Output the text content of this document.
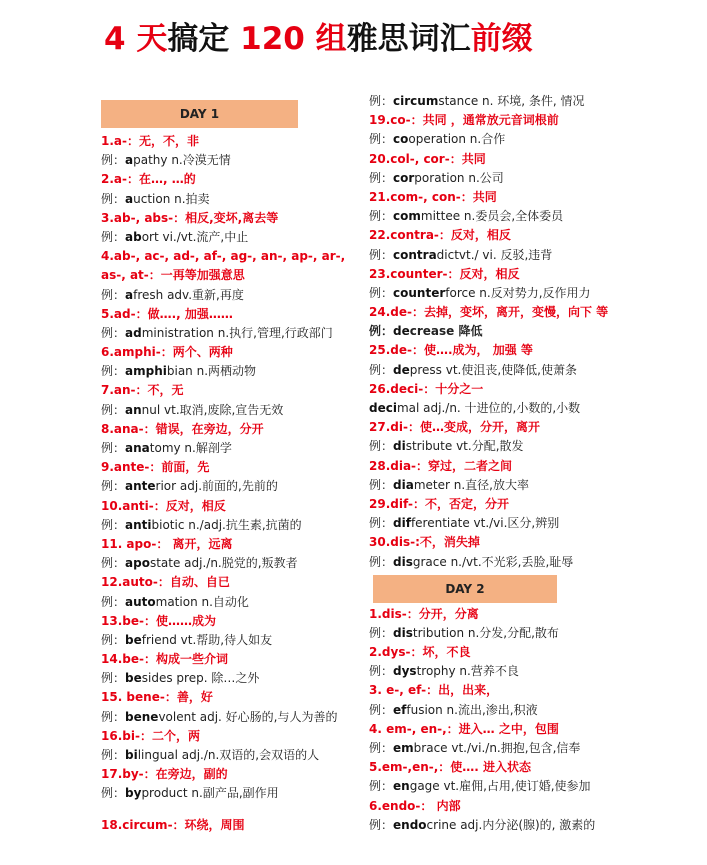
4 天搞定 120 组雅思词汇前缀
DAY 1
1.a-：无，不，非
例：apathy n.冷漠无情
2.a-：在…, …的
例：auction n.拍卖
3.ab-, abs-：相反,变坏,离去等
例：abort vi./vt.流产,中止
4.ab-, ac-, ad-, af-, ag-, an-, ap-, ar-,
as-, at-：一再等加强意思
例：afresh adv.重新,再度
5.ad-：做…., 加强……
例：administration n.执行,管理,行政部门
6.amphi-：两个、两种
例：amphibian n.两栖动物
7.an-：不，无
例：annul vt.取消,废除,宣告无效
8.ana-：错误，在旁边，分开
例：anatomy n.解剖学
9.ante-：前面，先
例：anterior adj.前面的,先前的
10.anti-：反对，相反
例：antibiotic n./adj.抗生素,抗菌的
11. apo-： 离开，远离
例：apostate adj./n.脱党的,叛教者
12.auto-：自动、自已
例：automation n.自动化
13.be-：使……成为
例：befriend vt.帮助,待人如友
14.be-：构成一些介词
例：besides prep. 除…之外
15. bene-：善，好
例：benevolent adj. 好心肠的,与人为善的
16.bi-：二个，两
例：bilingual adj./n.双语的,会双语的人
17.by-：在旁边，副的
例：byproduct n.副产品,副作用
18.circum-：环绕，周围
例：circumstance n. 环境, 条件, 情况
19.co-：共同 ，通常放元音词根前
例：cooperation n.合作
20.col-, cor-：共同
例：corporation n.公司
21.com-, con-：共同
例：committee n.委员会,全体委员
22.contra-：反对，相反
例：contradictvt./ vi. 反驳,违背
23.counter-：反对，相反
例：counterforce n.反对势力,反作用力
24.de-：去掉，变坏，离开，变慢，向下 等
例：decrease 降低
25.de-：使….成为， 加强 等
例：depress vt.使沮丧,使降低,使萧条
26.deci-：十分之一
decimal adj./n. 十进位的,小数的,小数
27.di-：使…变成，分开，离开
例：distribute vt.分配,散发
28.dia-：穿过，二者之间
例：diameter n.直径,放大率
29.dif-：不，否定，分开
例：differentiate vt./vi.区分,辨别
30.dis-:不，消失掉
例：disgrace n./vt.不光彩,丢脸,耻辱
DAY 2
1.dis-：分开，分离
例：distribution n.分发,分配,散布
2.dys-：坏，不良
例：dystrophy n.营养不良
3. e-, ef-：出，出来，
例：effusion n.流出,渗出,积液
4. em-, en-,：进入… 之中，包围
例：embrace vt./vi./n.拥抱,包含,信奉
5.em-,en-,：使…. 进入状态
例：engage vt.雇佣,占用,使订婚,使参加
6.endo-： 内部
例：endocrine adj.内分泌(腺)的, 激素的
